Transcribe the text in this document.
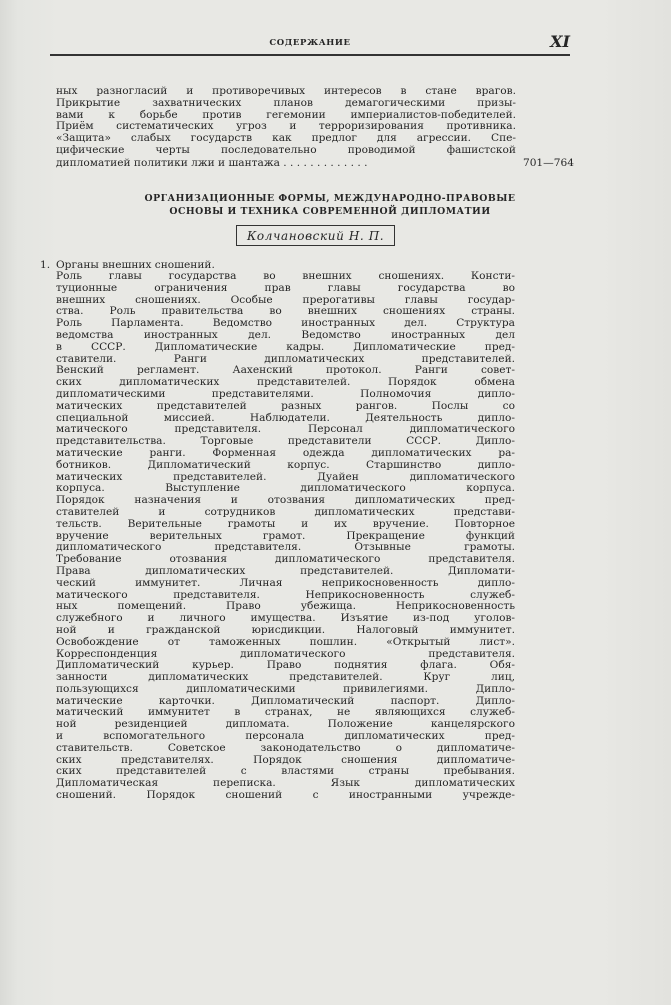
СОДЕРЖАНИЕ	XI
ных разногласий и противоречивых интересов в стане врагов.
Прикрытие захватнических планов демагогическими призы-
вами к борьбе против гегемонии империалистов-победителей.
Приём систематических угроз и терроризирования противника.
«Защита» слабых государств как предлог для агрессии. Спе-
цифические черты последовательно проводимой фашистской
дипломатией политики лжи и шантажа . . . . . . . . . . . . .	701—764
ОРГАНИЗАЦИОННЫЕ ФОРМЫ, МЕЖДУНАРОДНО-ПРАВОВЫЕ
ОСНОВЫ И ТЕХНИКА СОВРЕМЕННОЙ ДИПЛОМАТИИ
Колчановский Н. П.
1. Органы внешних сношений.
Роль главы государства во внешних сношениях. Консти-
туционные ограничения прав главы государства во
внешних сношениях. Особые прерогативы главы государ-
ства. Роль правительства во внешних сношениях страны.
Роль Парламента. Ведомство иностранных дел. Структура
ведомства иностранных дел. Ведомство иностранных дел
в СССР. Дипломатические кадры. Дипломатические пред-
ставители. Ранги дипломатических представителей.
Венский регламент. Аахенский протокол. Ранги совет-
ских дипломатических представителей. Порядок обмена
дипломатическими представителями. Полномочия дипло-
матических представителей разных рангов. Послы со
специальной миссией. Наблюдатели. Деятельность дипло-
матического представителя. Персонал дипломатического
представительства. Торговые представители СССР. Дипло-
матические ранги. Форменная одежда дипломатических ра-
ботников. Дипломатический корпус. Старшинство дипло-
матических представителей. Дуайен дипломатического
корпуса. Выступление дипломатического корпуса.
Порядок назначения и отозвания дипломатических пред-
ставителей и сотрудников дипломатических представи-
тельств. Верительные грамоты и их вручение. Повторное
вручение верительных грамот. Прекращение функций
дипломатического представителя. Отзывные грамоты.
Требование отозвания дипломатического представителя.
Права дипломатических представителей. Дипломати-
ческий иммунитет. Личная неприкосновенность дипло-
матического представителя. Неприкосновенность служеб-
ных помещений. Право убежища. Неприкосновенность
служебного и личного имущества. Изъятие из-под уголов-
ной и гражданской юрисдикции. Налоговый иммунитет.
Освобождение от таможенных пошлин. «Открытый лист».
Корреспонденция дипломатического представителя.
Дипломатический курьер. Право поднятия флага. Обя-
занности дипломатических представителей. Круг лиц,
пользующихся дипломатическими привилегиями. Дипло-
матические карточки. Дипломатический паспорт. Дипло-
матический иммунитет в странах, не являющихся служеб-
ной резиденцией дипломата. Положение канцелярского
и вспомогательного персонала дипломатических пред-
ставительств. Советское законодательство о дипломатиче-
ских представителях. Порядок сношения дипломатиче-
ских представителей с властями страны пребывания.
Дипломатическая переписка. Язык дипломатических
сношений. Порядок сношений с иностранными учрежде-
